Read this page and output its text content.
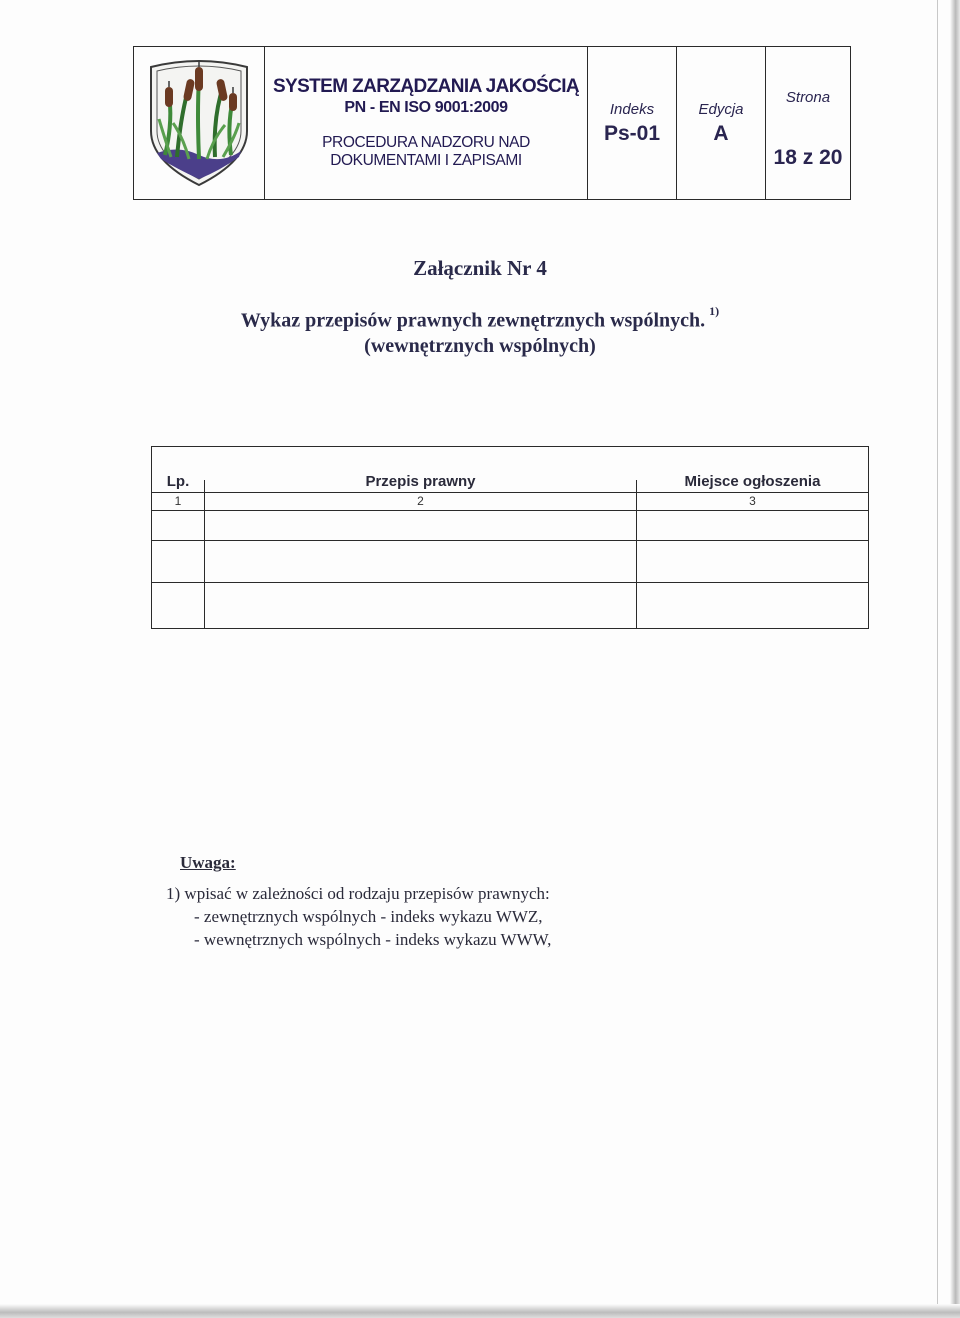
SYSTEM ZARZĄDZANIA JAKOŚCIĄ
PN - EN ISO 9001:2009
PROCEDURA NADZORU NAD
DOKUMENTAMI I ZAPISAMI

Indeks
Ps-01

Edycja
A

Strona
18 z 20
Załącznik Nr 4
Wykaz przepisów prawnych zewnętrznych wspólnych. $^{1)}$
(wewnętrznych wspólnych)
Lp.	Przepis prawny	Miejsce ogłoszenia
1	2	3
Uwaga:
1) wpisać w zależności od rodzaju przepisów prawnych:
- zewnętrznych wspólnych - indeks wykazu WWZ,
- wewnętrznych wspólnych - indeks wykazu WWW,
